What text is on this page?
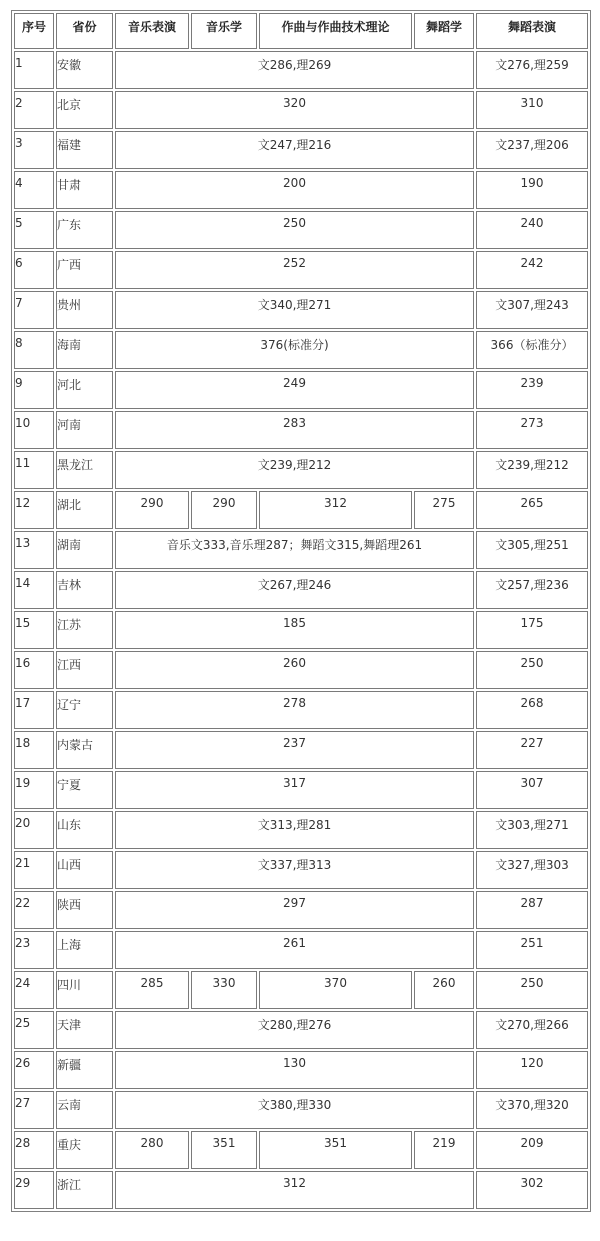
序号	省份	音乐表演	音乐学	作曲与作曲技术理论	舞蹈学	舞蹈表演
1	安徽	文286,理269				文276,理259
2	北京	320				310
3	福建	文247,理216				文237,理206
4	甘肃	200				190
5	广东	250				240
6	广西	252				242
7	贵州	文340,理271				文307,理243
8	海南	376(标准分)				366（标准分）
9	河北	249				239
10	河南	283				273
11	黑龙江	文239,理212				文239,理212
12	湖北	290	290	312	275	265
13	湖南	音乐文333,音乐理287；舞蹈文315,舞蹈理261				文305,理251
14	吉林	文267,理246				文257,理236
15	江苏	185				175
16	江西	260				250
17	辽宁	278				268
18	内蒙古	237				227
19	宁夏	317				307
20	山东	文313,理281				文303,理271
21	山西	文337,理313				文327,理303
22	陕西	297				287
23	上海	261				251
24	四川	285	330	370	260	250
25	天津	文280,理276				文270,理266
26	新疆	130				120
27	云南	文380,理330				文370,理320
28	重庆	280	351	351	219	209
29	浙江	312				302
